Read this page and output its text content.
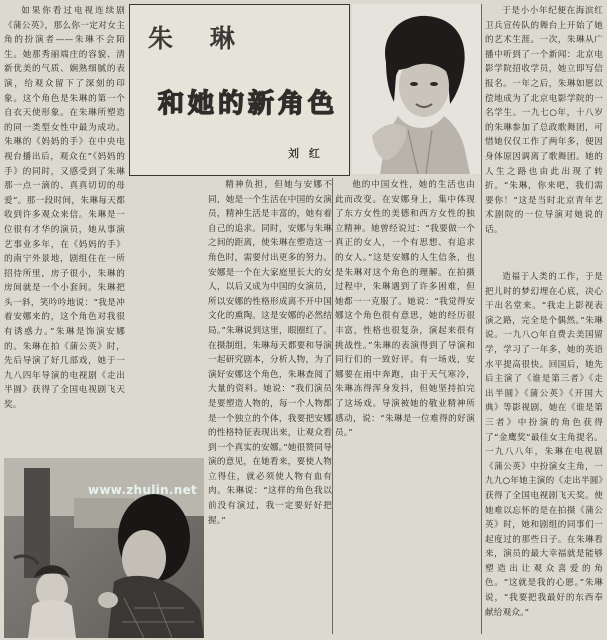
如果你看过电视连续剧《蒲公英》，那么你一定对女主角的扮演者——朱琳不会陌生。她那秀丽端庄的容貌、清新优美的气质、娴熟细腻的表演，给观众留下了深刻的印象。这个角色是朱琳的第一个自衣天使形象。在朱琳所塑造的同一类型女性中最为成功。朱琳的《妈妈的手》在中央电视台播出后，观众在“《妈妈的手》的同时，又感受到了朱琳那一点一滴的、真真切切的母爱”。那一段时间，朱琳每天都收到许多观众来信。朱琳是一位很有才华的演员，她从事演艺事业多年，在《妈妈的手》的南宁外景地，剧组住在一所招待所里，房子很小，朱琳的房间就是一个小套间。朱琳把头一斜，笑吟吟地说：“我是冲着安娜来的，这个角色对我很有诱惑力。”朱琳是饰演安娜的。朱琳在拍《蒲公英》时，先后导演了好几部戏，她于一九八四年导演的电视剧《走出半圆》获得了全国电视剧飞天奖。

朱 琳
和她的新角色
刘 红

于是小小年纪便在海滨红卫兵宣传队的舞台上开始了她的艺术生涯。一次，朱琳从广播中听到了一个新闻：北京电影学院招收学员，她立即写信报名。一年之后，朱琳如愿以偿地成为了北京电影学院的一名学生。一九七○年，十八岁的朱琳参加了总政歌舞团，可惜她仅仅工作了两年多，便因身体原因调离了歌舞团。她的人生之路也由此出现了转折。“朱琳，你来吧，我们需要你！”这是当时北京青年艺术剧院的一位导演对她说的话。

精神负担，但她与安娜不同，她是一个生活在中国的女演员，精神生活是丰富的，她有着自己的追求。同时，安娜与朱琳之间的距离，使朱琳在塑造这一角色时，需要付出更多的努力。安娜是一个在大家庭里长大的女人，以后又成为中国的女演员，所以安娜的性格形成离不开中国文化的熏陶。这是安娜的必然结局。”朱琳说到这里，眼圈红了。 在摄制组，朱琳每天都要和导演一起研究剧本，分析人物，为了演好安娜这个角色，朱琳查阅了大量的资料。她说：“我们演员是要塑造人物的，每一个人物都是一个独立的个体，我要把安娜的性格特征表现出来，让观众看到一个真实的安娜。”她很赞同导演的意见，在她看来，要使人物立得住，就必须使人物有血有肉。朱琳说：“这样的角色我以前没有演过，我一定要好好把握。”

他的中国女性，她的生活也由此而改变。在安娜身上，集中体现了东方女性的美德和西方女性的独立精神。她曾经说过：“我要做一个真正的女人，一个有思想、有追求的女人。”这是安娜的人生信条，也是朱琳对这个角色的理解。在拍摄过程中，朱琳遇到了许多困难，但她都一一克服了。她说：“我觉得安娜这个角色很有意思，她的经历很丰富，性格也很复杂，演起来很有挑战性。”朱琳的表演得到了导演和同行们的一致好评。有一场戏，安娜要在雨中奔跑，由于天气寒冷，朱琳冻得浑身发抖，但她坚持拍完了这场戏。导演被她的敬业精神所感动，说：“朱琳是一位难得的好演员。”

造福于人类的工作，于是把儿时的梦幻埋在心底，决心干出名堂来。“我走上影视表演之路，完全是个偶然。”朱琳说。一九八○年自费去美国留学，学习了一年多，她的英语水平提高很快。回国后，她先后主演了《谁是第三者》《走出半圆》《蒲公英》《开国大典》等影视剧，她在《谁是第三者》中扮演的角色获得了“金鹰奖”最佳女主角提名。一九八八年，朱琳在电视剧《蒲公英》中扮演女主角，一九九○年她主演的《走出半圆》获得了全国电视剧飞天奖。使她难以忘怀的是在拍摄《蒲公英》时，她和剧组的同事们一起度过的那些日子。在朱琳看来，演员的最大幸福就是能够塑造出让观众喜爱的角色。“这就是我的心愿。”朱琳说，“我要把我最好的东西奉献给观众。”

www.zhulin.net
